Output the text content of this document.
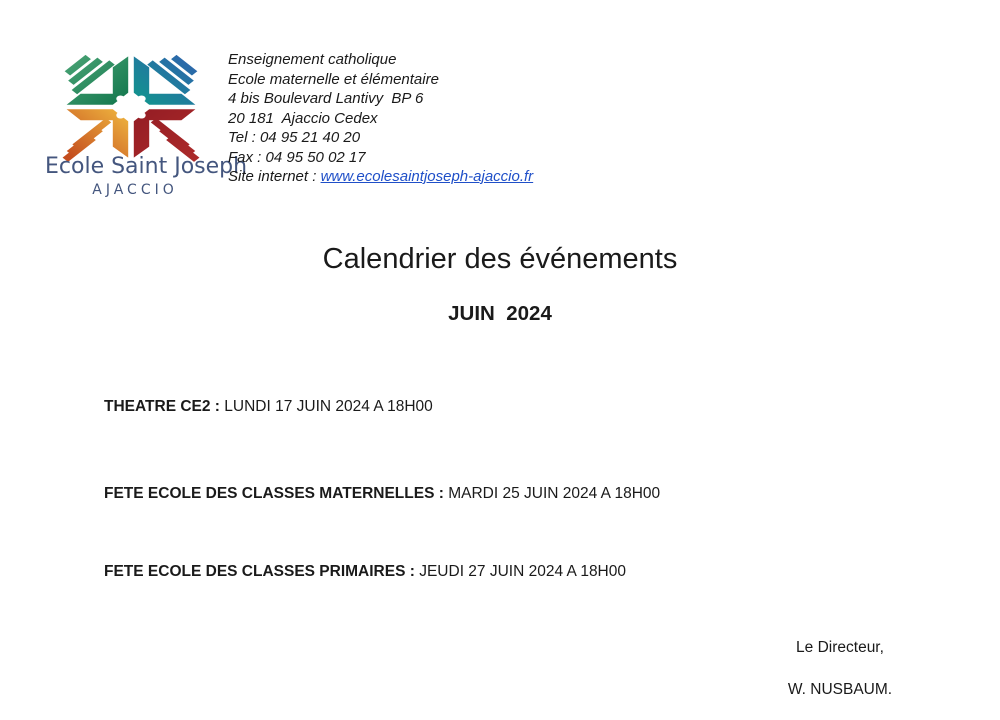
Ecole Saint Joseph
AJACCIO
Enseignement catholique
Ecole maternelle et élémentaire
4 bis Boulevard Lantivy  BP 6
20 181  Ajaccio Cedex
Tel : 04 95 21 40 20
Fax : 04 95 50 02 17
Site internet : www.ecolesaintjoseph-ajaccio.fr
Calendrier des événements
JUIN  2024
THEATRE CE2 : LUNDI 17 JUIN 2024 A 18H00
FETE ECOLE DES CLASSES MATERNELLES : MARDI 25 JUIN 2024 A 18H00
FETE ECOLE DES CLASSES PRIMAIRES : JEUDI 27 JUIN 2024 A 18H00
Le Directeur,
W. NUSBAUM.
